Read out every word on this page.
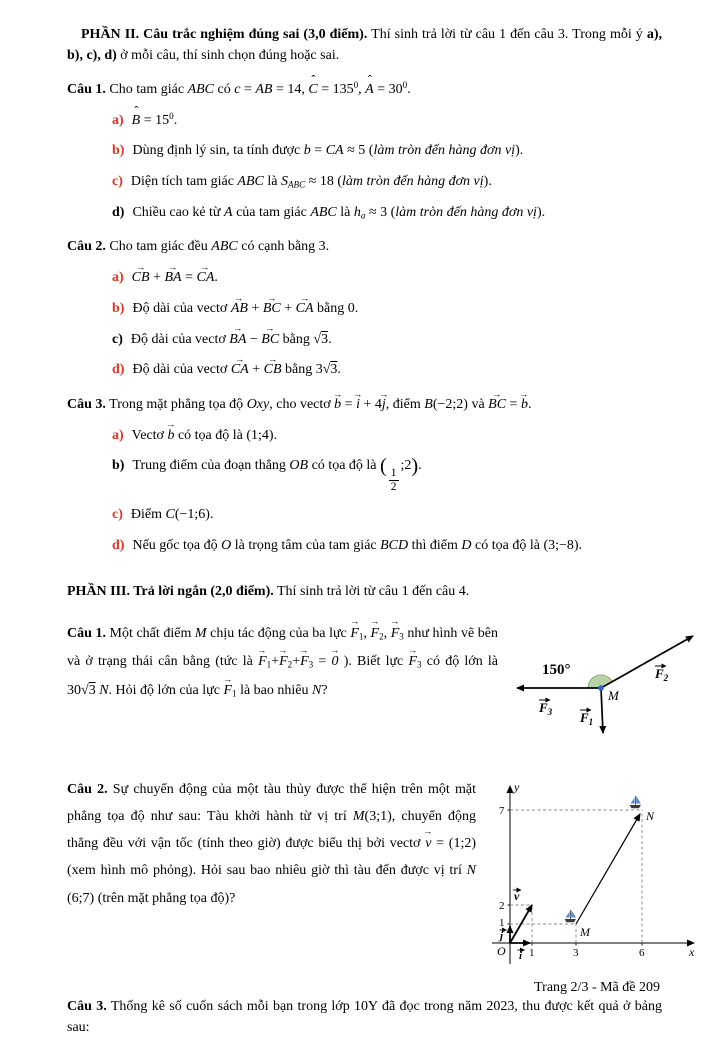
PHẦN II. Câu trắc nghiệm đúng sai (3,0 điểm). Thí sinh trả lời từ câu 1 đến câu 3. Trong mỗi ý a), b), c), d) ở mỗi câu, thí sinh chọn đúng hoặc sai.

Câu 1. Cho tam giác ABC có c = AB = 14, C ˆ = $135^0$, A ˆ = $30^0$.

a) B ˆ = $15^0$.

b) Dùng định lý sin, ta tính được b = CA ≈ 5 (làm tròn đến hàng đơn vị).

c) Diện tích tam giác ABC là $S_{ABC} \approx 18$ (làm tròn đến hàng đơn vị).

d) Chiều cao kẻ từ A của tam giác ABC là $h_a \approx 3$ (làm tròn đến hàng đơn vị).

Câu 2. Cho tam giác đều ABC có cạnh bằng 3.

a) CB → + BA → = CA →.

b) Độ dài của vectơ AB → + BC → + CA → bằng 0.

c) Độ dài của vectơ BA → − BC → bằng √3.

d) Độ dài của vectơ CA → + CB → bằng 3√3.

Câu 3. Trong mặt phẳng tọa độ Oxy, cho vectơ b → = i → + 4j →, điểm B(−2;2) và BC → = b →.

a) Vectơ b → có tọa độ là (1;4).

b) Trung điểm của đoạn thẳng OB có tọa độ là (
$\frac{1}{2}$
;2).

c) Điểm C(−1;6).

d) Nếu gốc tọa độ O là trọng tâm của tam giác BCD thì điểm D có tọa độ là (3;−8).

PHẦN III. Trả lời ngắn (2,0 điểm). Thí sinh trả lời từ câu 1 đến câu 4.

Câu 1. Một chất điểm M chịu tác động của ba lực $F \to_1$, $F \to_2$, $F \to_3$ như hình vẽ bên và ở trạng thái cân bằng (tức là $F \to_1+F \to_2+F \to_3 = 0$ → ). Biết lực $F \to_3$ có độ lớn là 30√3 N. Hỏi độ lớn của lực $F \to_1$ là bao nhiêu N?

150°
M
$F_2$
$F_3$ $F_1$

Câu 2. Sự chuyển động của một tàu thủy được thể hiện trên một mặt phẳng tọa độ như sau: Tàu khởi hành từ vị trí M(3;1), chuyển động thẳng đều với vận tốc (tính theo giờ) được biểu thị bởi vectơ v → = (1;2) (xem hình mô phỏng). Hỏi sau bao nhiêu giờ thì tàu đến được vị trí N (6;7) (trên mặt phẳng tọa độ)?

O	x
y
1	3	6
1
2
7
M
N
v
i
j

Câu 3. Thống kê số cuốn sách mỗi bạn trong lớp 10Y đã đọc trong năm 2023, thu được kết quả ở bảng sau:

Trang 2/3 - Mã đề 209
